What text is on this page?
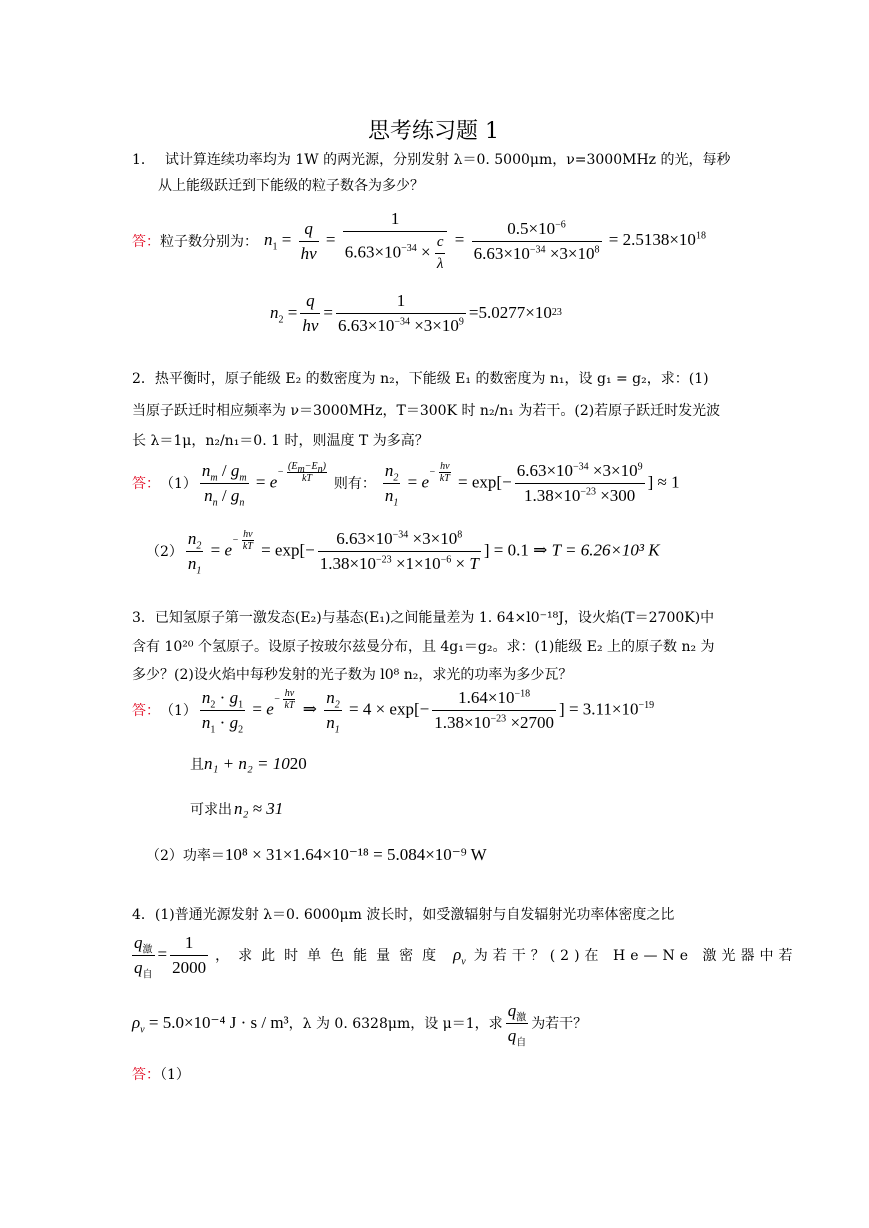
思考练习题 1
1． 试计算连续功率均为 1W 的两光源，分别发射 λ＝0. 5000μm，ν=3000MHz 的光，每秒
从上能级跃迁到下能级的粒子数各为多少？
答： 粒子数分别为： $n_1 = \frac{q}{h\nu} = \frac{1}{6.63\times 10^{-34} \times \frac{c}{\lambda}} = \frac{0.5\times 10^{-6}}{6.63\times 10^{-34} \times 3\times 10^8} = 2.5138\times 10^{18}$
$n_2 = \frac{q}{h\nu} = \frac{1}{6.63\times 10^{-34} \times 3\times 10^9} = 5.0277\times 10$ 23
2．热平衡时，原子能级 E₂ 的数密度为 n₂，下能级 E₁ 的数密度为 n₁，设 g₁ = g₂，求：(1)
当原子跃迁时相应频率为 ν＝3000MHz，T＝300K 时 n₂/n₁ 为若干。(2)若原子跃迁时发光波
长 λ＝1μ，n₂/n₁＝0. 1 时，则温度 T 为多高？
答： $(1) \frac{n_m / g_m}{n_n / g_n} = e^{- \frac{(E_m-E_n)}{kT}}$ 则有： $\frac{n_2}{n_1} = e^{- \frac{h\nu}{kT}} = \exp[- \frac{6.63\times 10^{-34} \times 3\times 10^9}{1.38\times 10^{-23} \times 300}$ ] ≈ 1
$(2) \frac{n_2}{n_1} = e^{- \frac{h\nu}{kT}} = \exp[- \frac{6.63\times 10^{-34} \times 3\times 10^8}{1.38\times 10^{-23} \times 1\times 10^{-6} \times T}$ ] = 0.1 ⇒ T = 6.26×10³ K
3．已知氢原子第一激发态(E₂)与基态(E₁)之间能量差为 1. 64×l0⁻¹⁸J，设火焰(T＝2700K)中
含有 10²⁰ 个氢原子。设原子按玻尔兹曼分布，且 4g₁＝g₂。求：(1)能级 E₂ 上的原子数 n₂ 为
多少？(2)设火焰中每秒发射的光子数为 l0⁸ n₂，求光的功率为多少瓦？
答： $(1) \frac{n_2 \cdot g_1}{n_1 \cdot g_2} = e^{- \frac{h\nu}{kT}}$ ⇒ $\frac{n_2}{n_1} = 4 \times \exp[- \frac{1.64\times 10^{-18}}{1.38\times 10^{-23} \times 2700}$ ] = $3.11\times 10^{-19}$
且 n₁ + n₂ = 10 20
可求出 n₂ ≈ 31
（2）功率＝ 10⁸ × 31×1.64×10⁻¹⁸ = 5.084×10⁻⁹ W
4．(1)普通光源发射 λ＝0. 6000μm 波长时，如受激辐射与自发辐射光功率体密度之比
$\frac{q_激}{q_自} = \frac{1}{2000}$ ，求此时单色能量密度 $\rho_\nu$ 为若干？(2)在 He—Ne 激光器中若
$\rho_\nu = 5.0\times 10^{-4}$ J · s / m³ ，λ 为 0. 6328μm，设 μ＝1，求 $\frac{q_激}{q_自}$ 为若干？
答：（1）
